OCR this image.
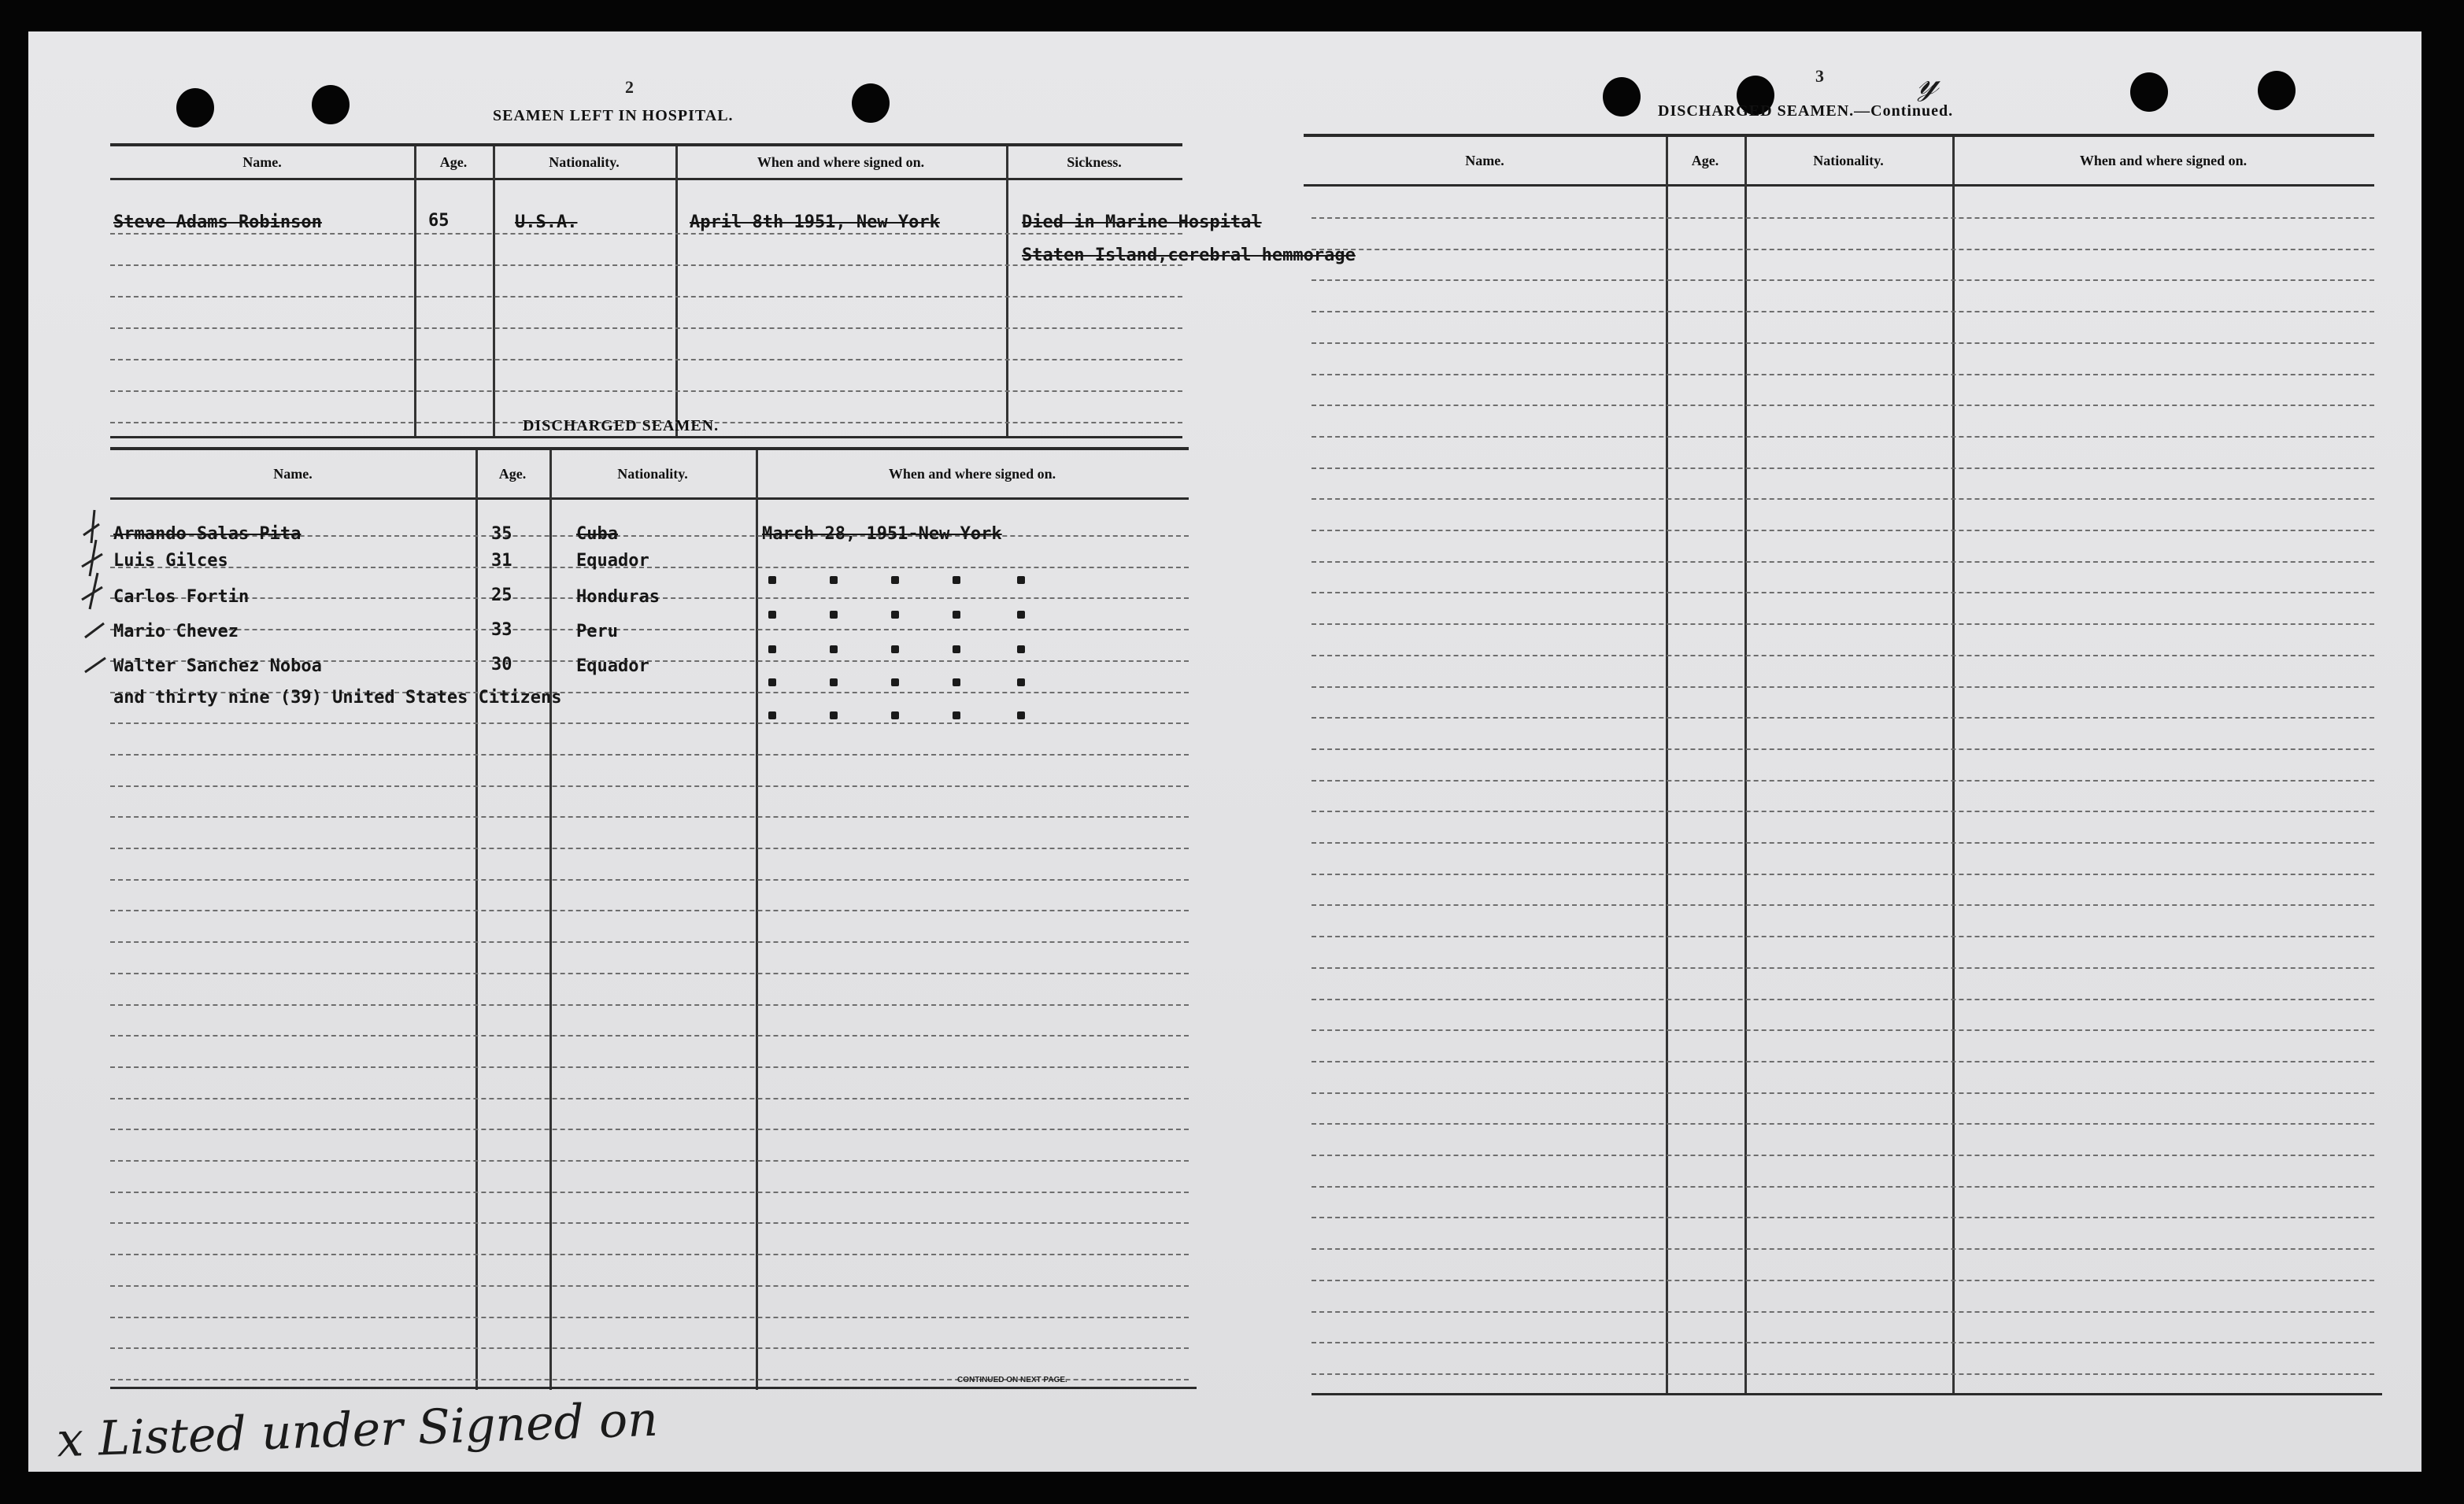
2
SEAMEN LEFT IN HOSPITAL.
Name.	Age.	Nationality.	When and where signed on.	Sickness.
Steve Adams Robinson	65	U.S.A.	April 8th 1951, New York	Died in Marine Hospital
Staten Island,cerebral hemmorage
DISCHARGED SEAMEN.
Name.	Age.	Nationality.	When and where signed on.
Armando Salas Pita	35	Cuba	March 28, 1951-New York
Luis Gilces	31	Equador
Carlos Fortin	25	Honduras
Mario Chevez	33	Peru
Walter Sanchez Noboa	30	Equador
and thirty nine (39) United States Citizens
CONTINUED ON NEXT PAGE.
x Listed under Signed on
3	𝓎
DISCHARGED SEAMEN.—Continued.
Name.	Age.	Nationality.	When and where signed on.
